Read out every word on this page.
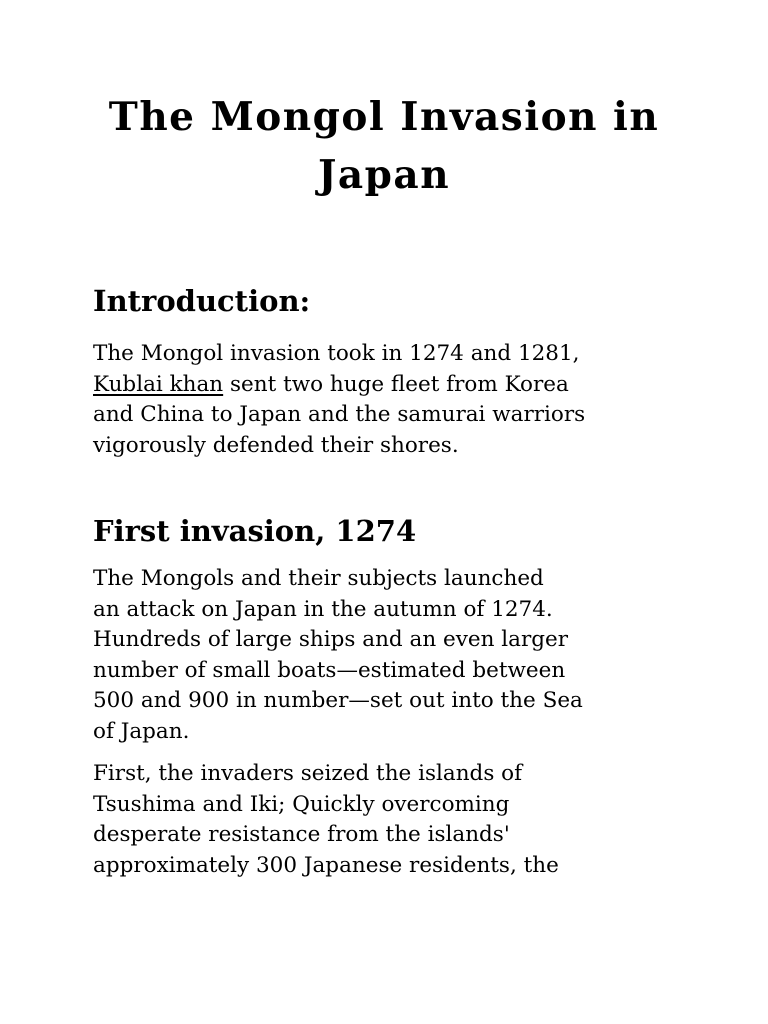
The Mongol Invasion in
Japan
Introduction:

The Mongol invasion took in 1274 and 1281,
Kublai khan sent two huge fleet from Korea
and China to Japan and the samurai warriors
vigorously defended their shores.

First invasion, 1274

The Mongols and their subjects launched
an attack on Japan in the autumn of 1274.
Hundreds of large ships and an even larger
number of small boats—estimated between
500 and 900 in number—set out into the Sea
of Japan.

First, the invaders seized the islands of
Tsushima and Iki; Quickly overcoming
desperate resistance from the islands'
approximately 300 Japanese residents, the
